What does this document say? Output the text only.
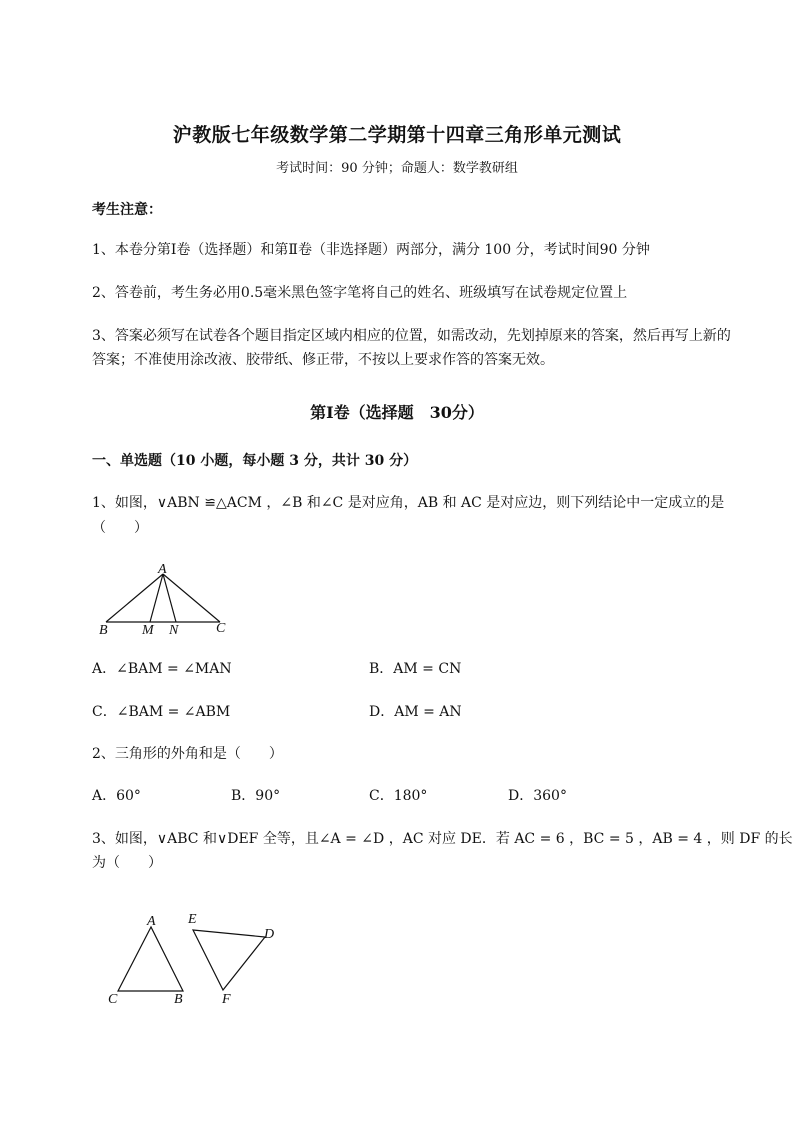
沪教版七年级数学第二学期第十四章三角形单元测试
考试时间：90 分钟；命题人：数学教研组
考生注意：
1、本卷分第Ⅰ卷（选择题）和第Ⅱ卷（非选择题）两部分，满分 100 分，考试时间90 分钟
2、答卷前，考生务必用0.5毫米黑色签字笔将自己的姓名、班级填写在试卷规定位置上
3、答案必须写在试卷各个题目指定区域内相应的位置，如需改动，先划掉原来的答案，然后再写上新的答案；不准使用涂改液、胶带纸、修正带，不按以上要求作答的答案无效。
第Ⅰ卷（选择题　30分）
一、单选题（10 小题，每小题 3 分，共计 30 分）
1、如图，∨ABN ≌△ACM ，∠B 和∠C 是对应角，AB 和 AC 是对应边，则下列结论中一定成立的是
（　　）
A
B M N	C
A．∠BAM = ∠MAN	B．AM = CN
C．∠BAM = ∠ABM	D．AM = AN
2、三角形的外角和是（　　）
A．60°	B．90°	C．180°	D．360°
3、如图，∨ABC 和∨DEF 全等，且∠A = ∠D ，AC 对应 DE．若 AC = 6 ，BC = 5 ，AB = 4 ，则 DF 的长
为（　　）
A
C	B
E
D
F
